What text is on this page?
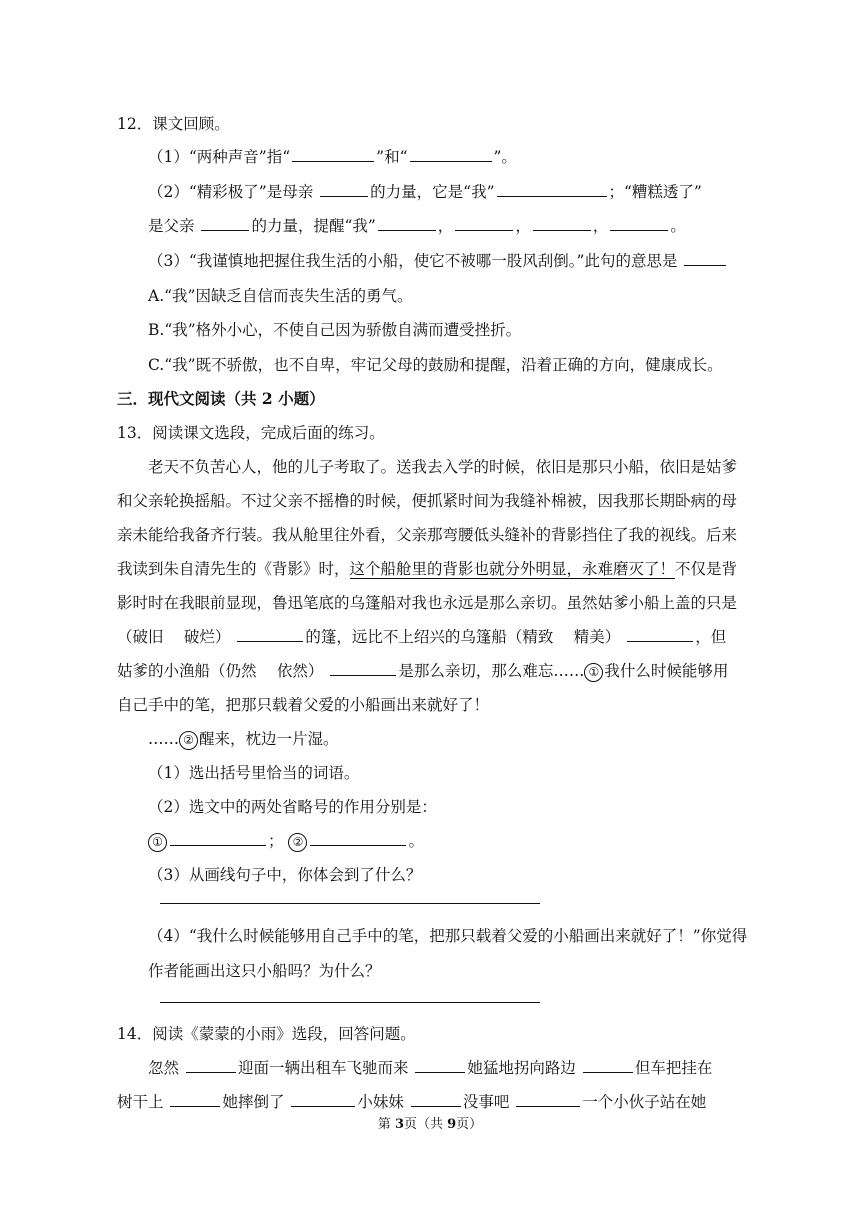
12．课文回顾。
（1）“两种声音”指“	”和“	”。
（2）“精彩极了”是母亲	的力量，它是“我”	；“糟糕透了”
是父亲	的力量，提醒“我”	，	，	，	。
（3）“我谨慎地把握住我生活的小船，使它不被哪一股风刮倒。”此句的意思是
A.“我”因缺乏自信而丧失生活的勇气。
B.“我”格外小心，不使自己因为骄傲自满而遭受挫折。
C.“我”既不骄傲，也不自卑，牢记父母的鼓励和提醒，沿着正确的方向，健康成长。
三．现代文阅读（共 2 小题）
13．阅读课文选段，完成后面的练习。
老天不负苦心人，他的儿子考取了。送我去入学的时候，依旧是那只小船，依旧是姑爹
和父亲轮换摇船。不过父亲不摇橹的时候，便抓紧时间为我缝补棉被，因我那长期卧病的母
亲未能给我备齐行装。我从舱里往外看，父亲那弯腰低头缝补的背影挡住了我的视线。后来
我读到朱自清先生的《背影》时，这个船舱里的背影也就分外明显，永难磨灭了！不仅是背
影时时在我眼前显现，鲁迅笔底的乌篷船对我也永远是那么亲切。虽然姑爹小船上盖的只是
（破旧　 破烂）	的篷，远比不上绍兴的乌篷船（精致　 精美）	，但
姑爹的小渔船（仍然　 依然）	是那么亲切，那么难忘…… ① 我什么时候能够用
自己手中的笔，把那只载着父爱的小船画出来就好了！
…… ② 醒来，枕边一片湿。
（1）选出括号里恰当的词语。
（2）选文中的两处省略号的作用分别是：
①	； ②	。
（3）从画线句子中，你体会到了什么？
（4）“我什么时候能够用自己手中的笔，把那只载着父爱的小船画出来就好了！”你觉得
作者能画出这只小船吗？为什么？
14．阅读《蒙蒙的小雨》选段，回答问题。
忽然	迎面一辆出租车飞驰而来	她猛地拐向路边	但车把挂在
树干上	她摔倒了	小妹妹	没事吧	一个小伙子站在她
第 3页（共 9页）
